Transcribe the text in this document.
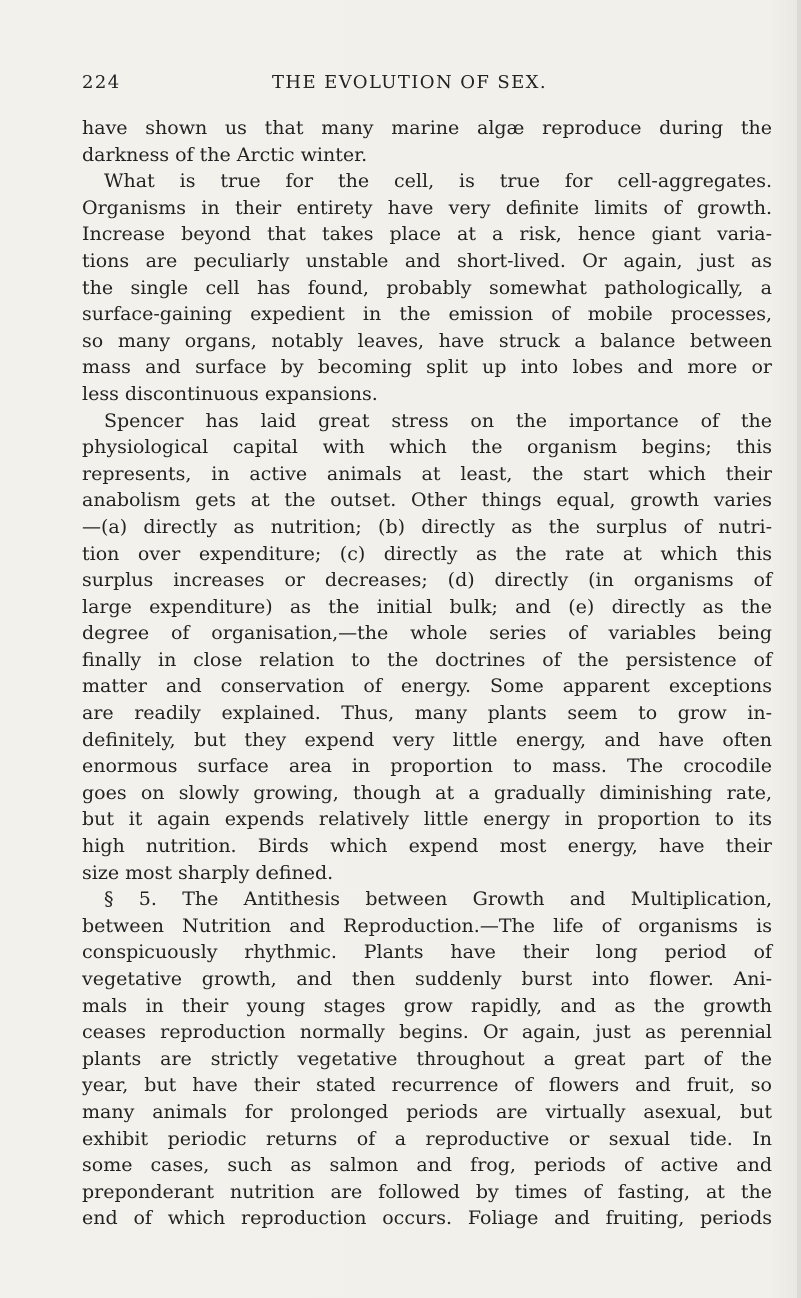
224	THE EVOLUTION OF SEX.
have shown us that many marine algæ reproduce during the
darkness of the Arctic winter.
What is true for the cell, is true for cell-aggregates.
Organisms in their entirety have very definite limits of growth.
Increase beyond that takes place at a risk, hence giant varia-
tions are peculiarly unstable and short-lived. Or again, just as
the single cell has found, probably somewhat pathologically, a
surface-gaining expedient in the emission of mobile processes,
so many organs, notably leaves, have struck a balance between
mass and surface by becoming split up into lobes and more or
less discontinuous expansions.
Spencer has laid great stress on the importance of the
physiological capital with which the organism begins; this
represents, in active animals at least, the start which their
anabolism gets at the outset. Other things equal, growth varies
—(a) directly as nutrition; (b) directly as the surplus of nutri-
tion over expenditure; (c) directly as the rate at which this
surplus increases or decreases; (d) directly (in organisms of
large expenditure) as the initial bulk; and (e) directly as the
degree of organisation,—the whole series of variables being
finally in close relation to the doctrines of the persistence of
matter and conservation of energy. Some apparent exceptions
are readily explained. Thus, many plants seem to grow in-
definitely, but they expend very little energy, and have often
enormous surface area in proportion to mass. The crocodile
goes on slowly growing, though at a gradually diminishing rate,
but it again expends relatively little energy in proportion to its
high nutrition. Birds which expend most energy, have their
size most sharply defined.
§ 5. The Antithesis between Growth and Multiplication,
between Nutrition and Reproduction.—The life of organisms is
conspicuously rhythmic. Plants have their long period of
vegetative growth, and then suddenly burst into flower. Ani-
mals in their young stages grow rapidly, and as the growth
ceases reproduction normally begins. Or again, just as perennial
plants are strictly vegetative throughout a great part of the
year, but have their stated recurrence of flowers and fruit, so
many animals for prolonged periods are virtually asexual, but
exhibit periodic returns of a reproductive or sexual tide. In
some cases, such as salmon and frog, periods of active and
preponderant nutrition are followed by times of fasting, at the
end of which reproduction occurs. Foliage and fruiting, periods
